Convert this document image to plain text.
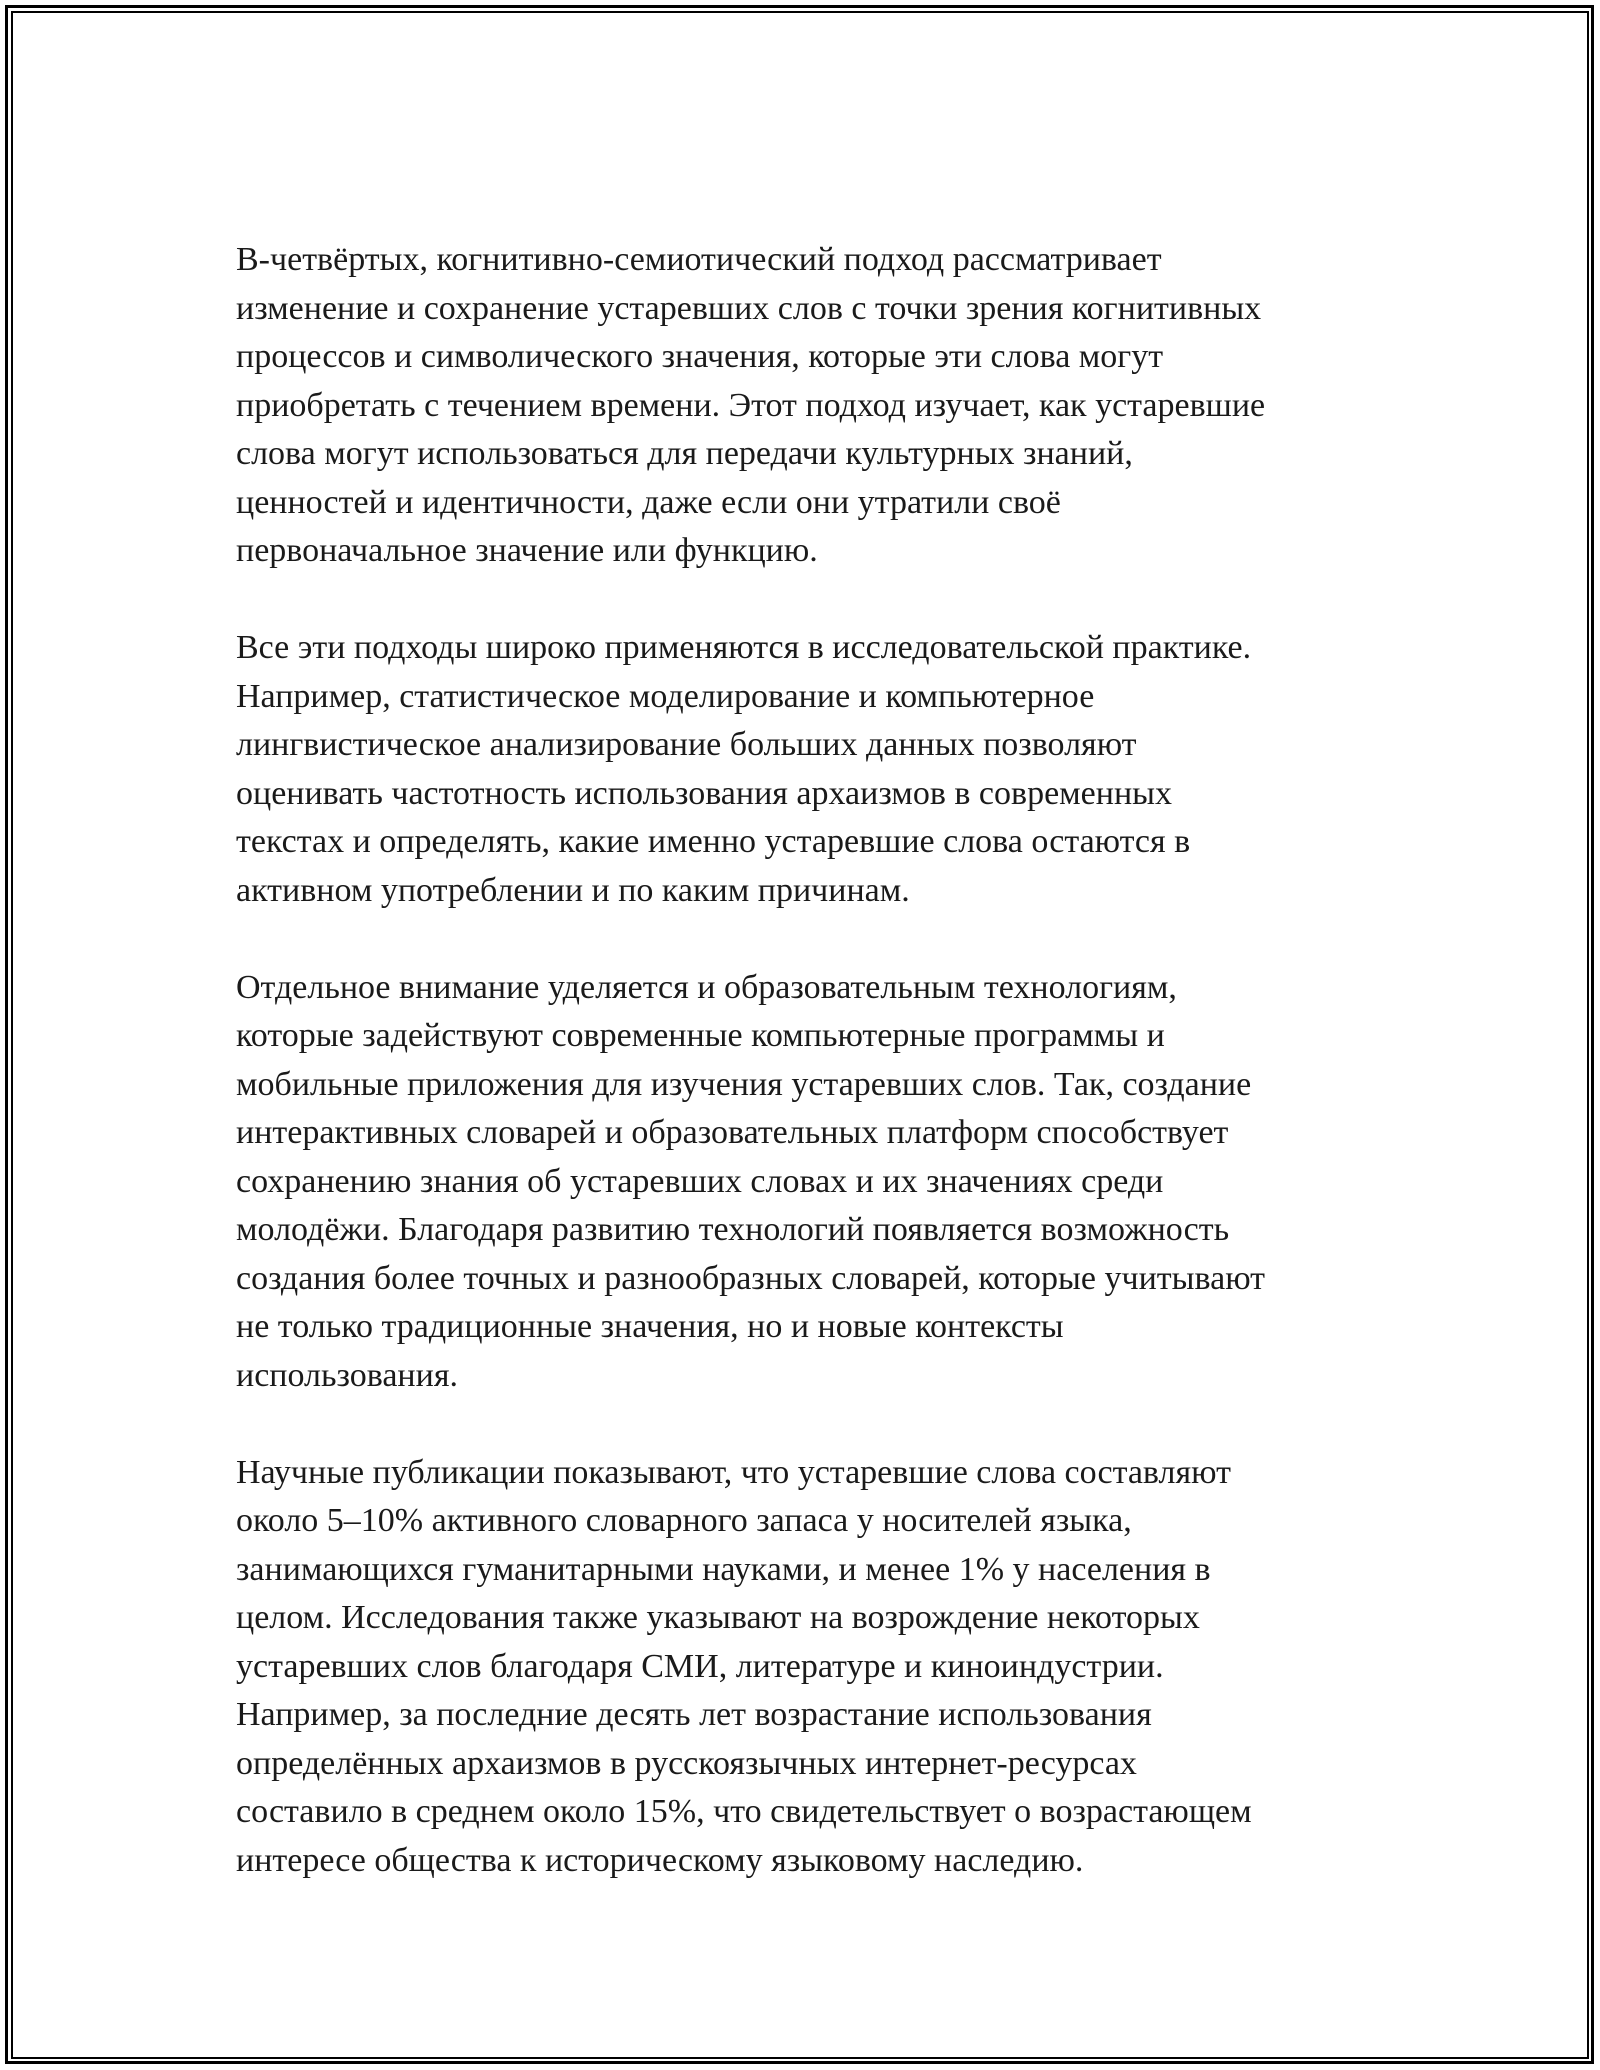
В-четвёртых, когнитивно-семиотический подход рассматривает
изменение и сохранение устаревших слов с точки зрения когнитивных
процессов и символического значения, которые эти слова могут
приобретать с течением времени. Этот подход изучает, как устаревшие
слова могут использоваться для передачи культурных знаний,
ценностей и идентичности, даже если они утратили своё
первоначальное значение или функцию.

Все эти подходы широко применяются в исследовательской практике.
Например, статистическое моделирование и компьютерное
лингвистическое анализирование больших данных позволяют
оценивать частотность использования архаизмов в современных
текстах и определять, какие именно устаревшие слова остаются в
активном употреблении и по каким причинам.

Отдельное внимание уделяется и образовательным технологиям,
которые задействуют современные компьютерные программы и
мобильные приложения для изучения устаревших слов. Так, создание
интерактивных словарей и образовательных платформ способствует
сохранению знания об устаревших словах и их значениях среди
молодёжи. Благодаря развитию технологий появляется возможность
создания более точных и разнообразных словарей, которые учитывают
не только традиционные значения, но и новые контексты
использования.

Научные публикации показывают, что устаревшие слова составляют
около 5–10% активного словарного запаса у носителей языка,
занимающихся гуманитарными науками, и менее 1% у населения в
целом. Исследования также указывают на возрождение некоторых
устаревших слов благодаря СМИ, литературе и киноиндустрии.
Например, за последние десять лет возрастание использования
определённых архаизмов в русскоязычных интернет-ресурсах
составило в среднем около 15%, что свидетельствует о возрастающем
интересе общества к историческому языковому наследию.
